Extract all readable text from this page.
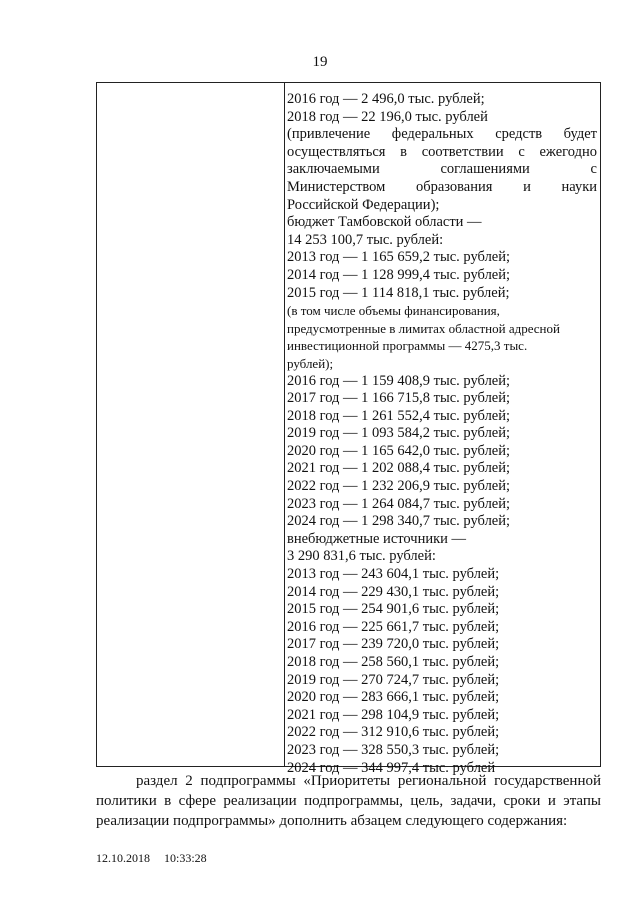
19
2016 год — 2 496,0 тыс. рублей;
2018 год — 22 196,0 тыс. рублей
(привлечение федеральных средств будет
осуществляться в соответствии с ежегодно
заключаемыми соглашениями с
Министерством образования и науки
Российской Федерации);
бюджет Тамбовской области —
14 253 100,7 тыс. рублей:
2013 год — 1 165 659,2 тыс. рублей;
2014 год — 1 128 999,4 тыс. рублей;
2015 год — 1 114 818,1 тыс. рублей;
(в том числе объемы финансирования,
предусмотренные в лимитах областной адресной
инвестиционной программы — 4275,3 тыс.
рублей);
2016 год — 1 159 408,9 тыс. рублей;
2017 год — 1 166 715,8 тыс. рублей;
2018 год — 1 261 552,4 тыс. рублей;
2019 год — 1 093 584,2 тыс. рублей;
2020 год — 1 165 642,0 тыс. рублей;
2021 год — 1 202 088,4 тыс. рублей;
2022 год — 1 232 206,9 тыс. рублей;
2023 год — 1 264 084,7 тыс. рублей;
2024 год — 1 298 340,7 тыс. рублей;
внебюджетные источники —
3 290 831,6 тыс. рублей:
2013 год — 243 604,1 тыс. рублей;
2014 год — 229 430,1 тыс. рублей;
2015 год — 254 901,6 тыс. рублей;
2016 год — 225 661,7 тыс. рублей;
2017 год — 239 720,0 тыс. рублей;
2018 год — 258 560,1 тыс. рублей;
2019 год — 270 724,7 тыс. рублей;
2020 год — 283 666,1 тыс. рублей;
2021 год — 298 104,9 тыс. рублей;
2022 год — 312 910,6 тыс. рублей;
2023 год — 328 550,3 тыс. рублей;
2024 год — 344 997,4 тыс. рублей
раздел 2 подпрограммы «Приоритеты региональной государственной
политики в сфере реализации подпрограммы, цель, задачи, сроки и этапы
реализации подпрограммы» дополнить абзацем следующего содержания:
12.10.2018 10:33:28
